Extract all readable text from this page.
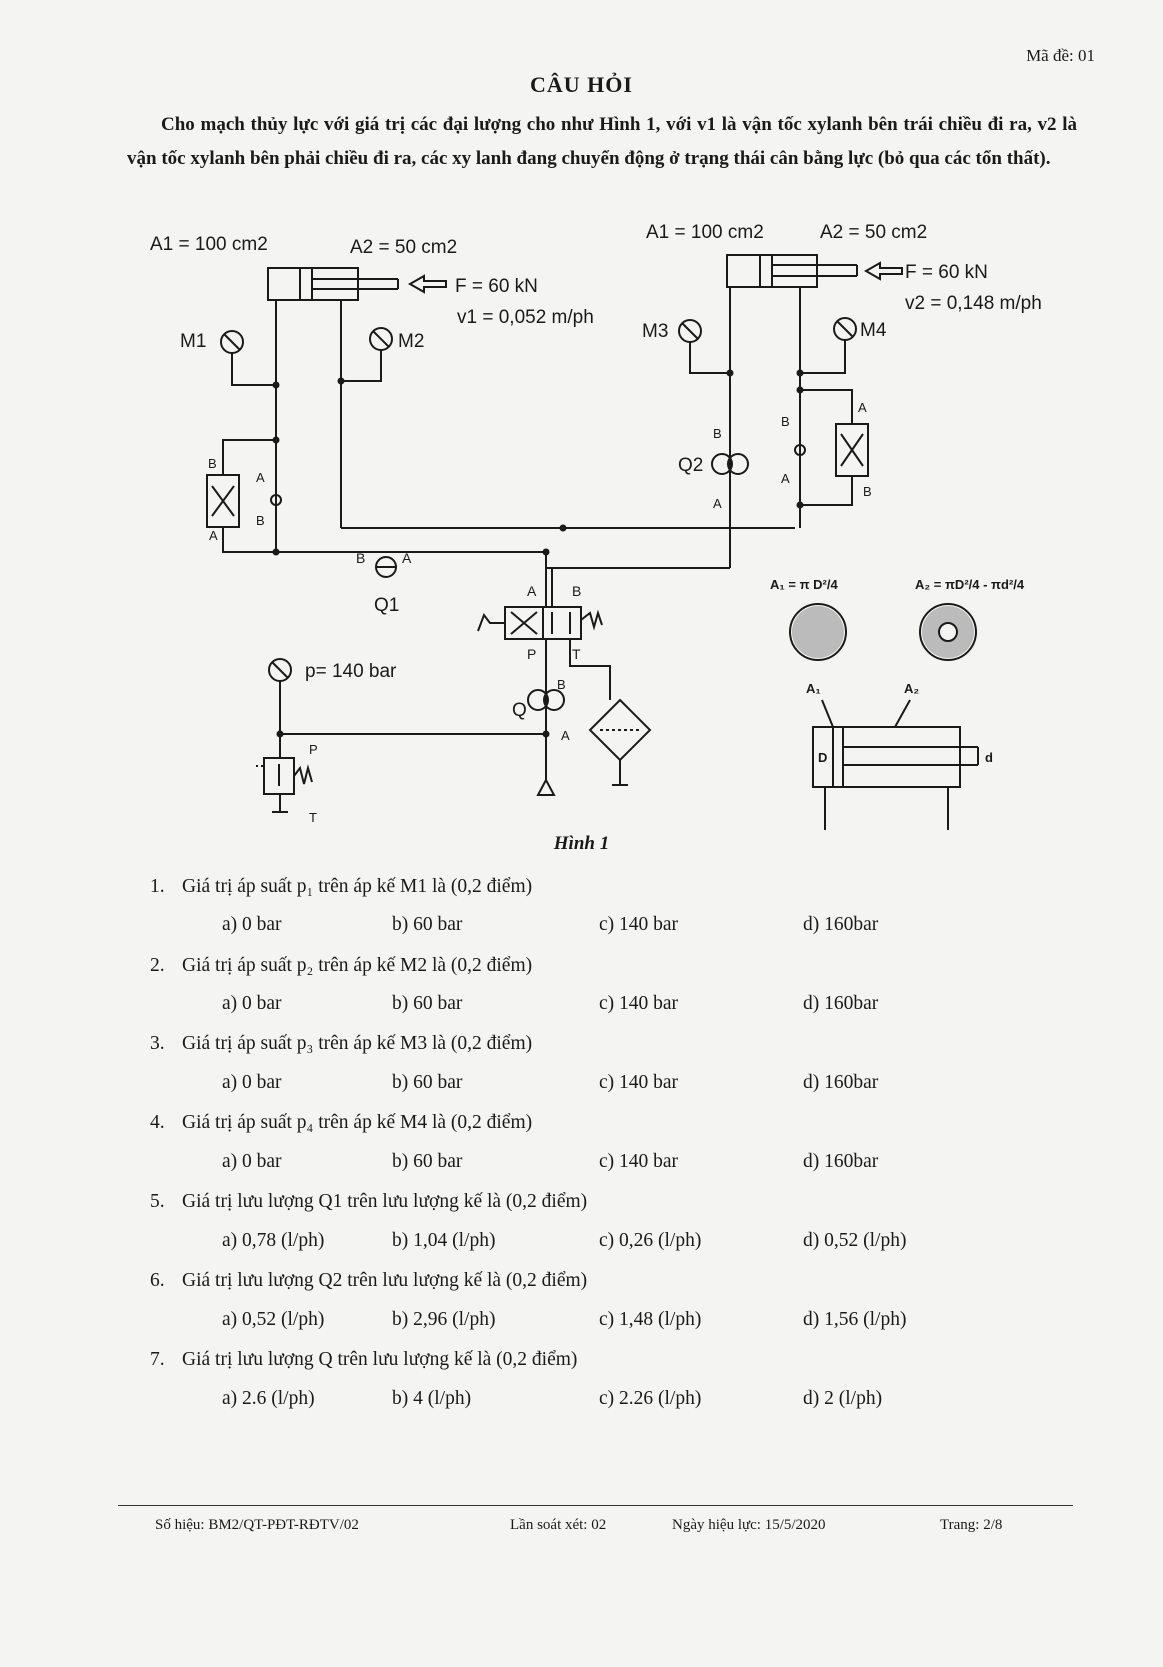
Mã đề: 01
CÂU HỎI

Cho mạch thủy lực với giá trị các đại lượng cho như Hình 1, với v1 là vận tốc xylanh bên trái chiều đi ra, v2 là vận tốc xylanh bên phải chiều đi ra, các xy lanh đang chuyển động ở trạng thái cân bằng lực (bỏ qua các tổn thất).

A1 = 100 cm2	A2 = 50 cm2
F = 60 kN
v1 = 0,052 m/ph
M1	M2
Q1
B	A
B
A
A
B
A1 = 100 cm2	A2 = 50 cm2
F = 60 kN
v2 = 0,148 m/ph
M3	M4
Q2
B
A
B
A
A
B
A	B
P	T
B
A
Q
p= 140 bar
P
T
A₁ = π D²/4	A₂ = πD²/4 - πd²/4
A₁	A₂
D	d
Hình 1
1. Giá trị áp suất p₁ trên áp kế M1 là (0,2 điểm)
a) 0 bar	b) 60 bar	c) 140 bar	d) 160bar
2. Giá trị áp suất p₂ trên áp kế M2 là (0,2 điểm)
a) 0 bar	b) 60 bar	c) 140 bar	d) 160bar
3. Giá trị áp suất p₃ trên áp kế M3 là (0,2 điểm)
a) 0 bar	b) 60 bar	c) 140 bar	d) 160bar
4. Giá trị áp suất p₄ trên áp kế M4 là (0,2 điểm)
a) 0 bar	b) 60 bar	c) 140 bar	d) 160bar
5. Giá trị lưu lượng Q1 trên lưu lượng kế là (0,2 điểm)
a) 0,78 (l/ph)	b) 1,04 (l/ph)	c) 0,26 (l/ph)	d) 0,52 (l/ph)
6. Giá trị lưu lượng Q2 trên lưu lượng kế là (0,2 điểm)
a) 0,52 (l/ph)	b) 2,96 (l/ph)	c) 1,48 (l/ph)	d) 1,56 (l/ph)
7. Giá trị lưu lượng Q trên lưu lượng kế là (0,2 điểm)
a) 2.6 (l/ph)	b) 4 (l/ph)	c) 2.26 (l/ph)	d) 2 (l/ph)
Số hiệu: BM2/QT-PĐT-RĐTV/02	Lần soát xét: 02	Ngày hiệu lực: 15/5/2020	Trang: 2/8
